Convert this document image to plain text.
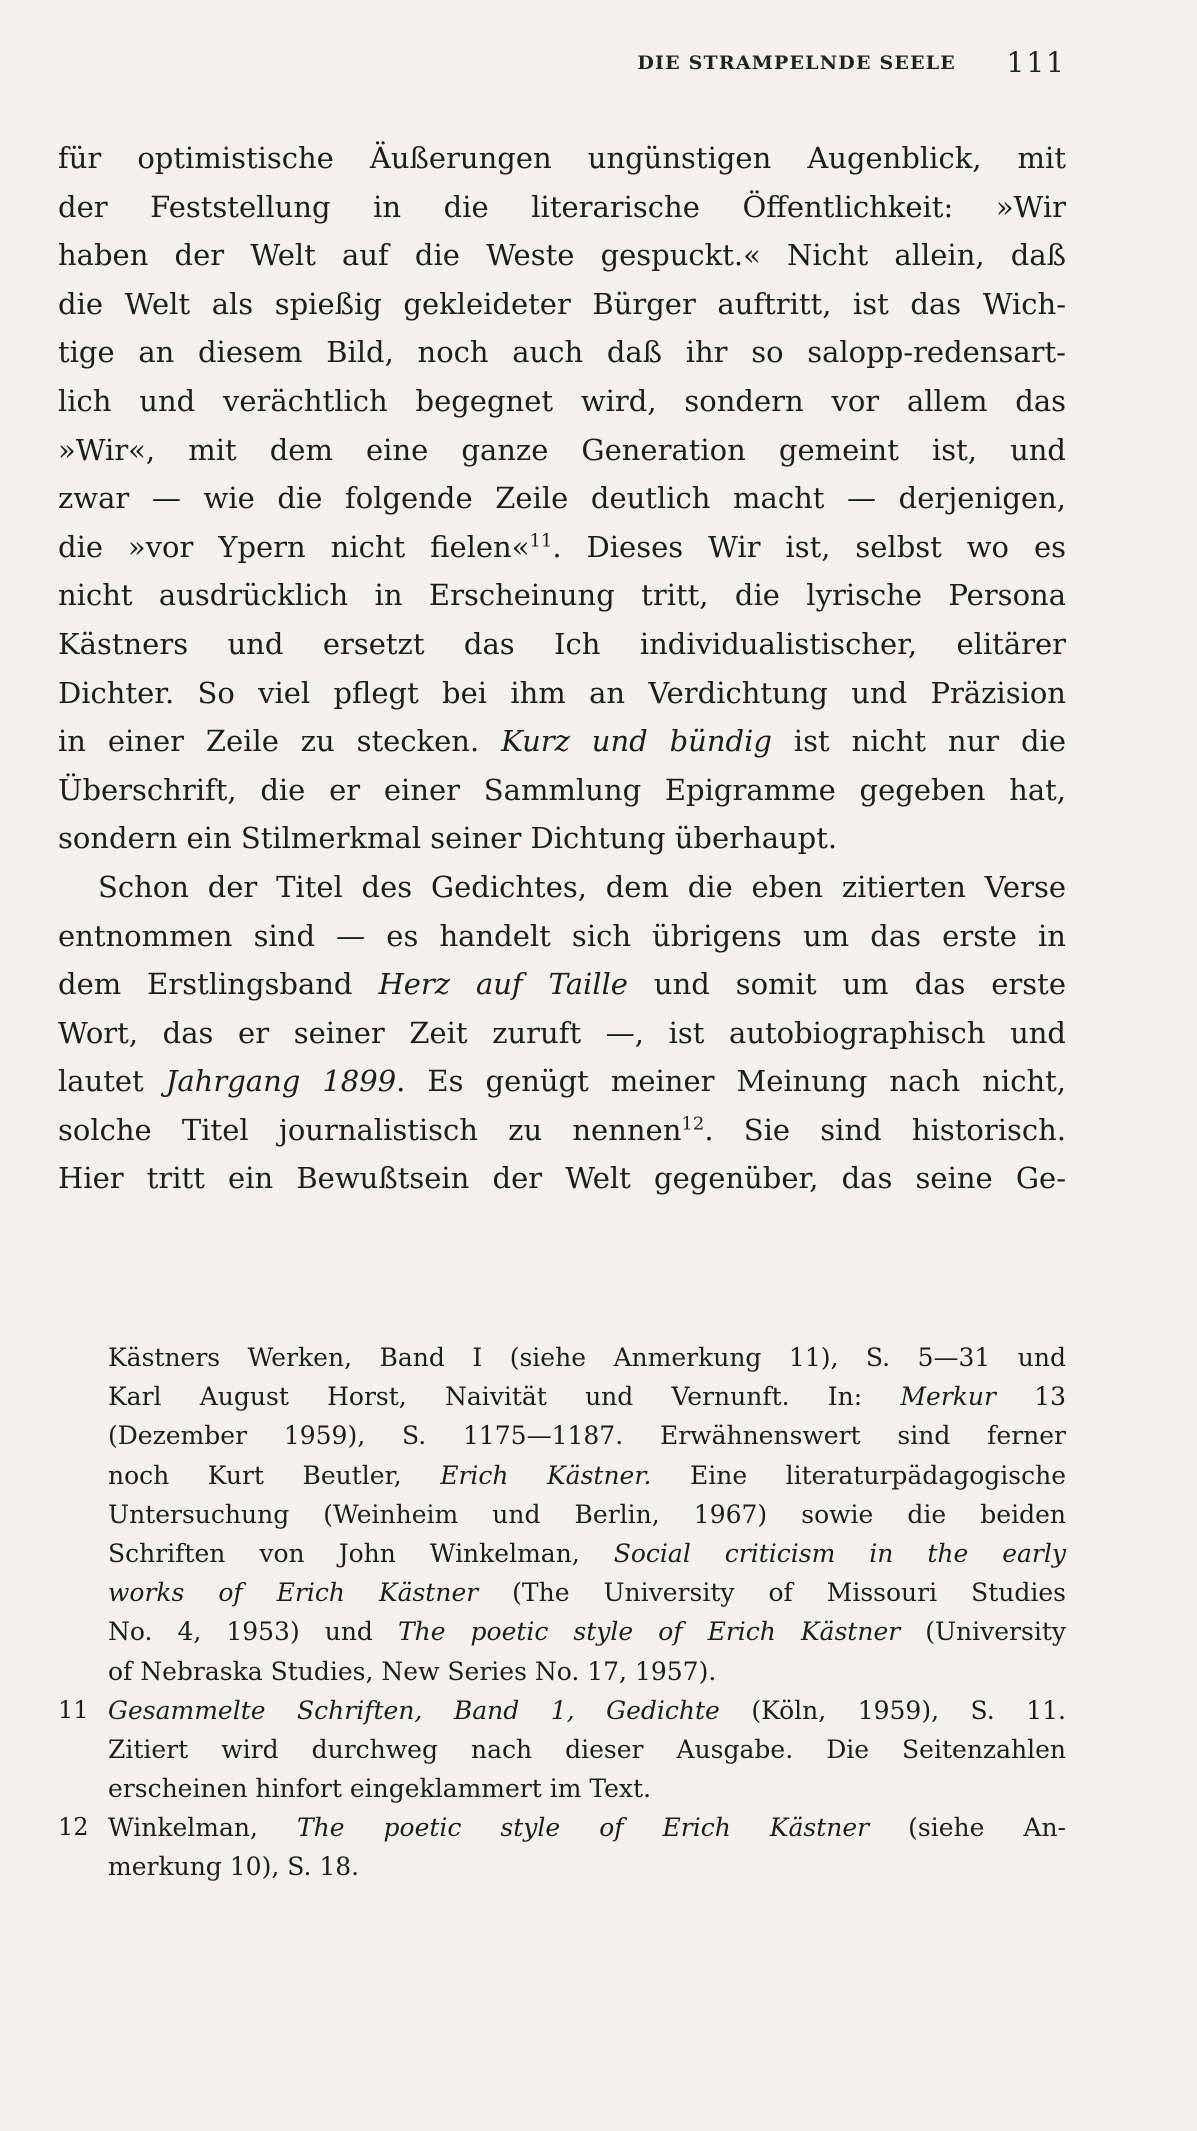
DIE STRAMPELNDE SEELE 111
für optimistische Äußerungen ungünstigen Augenblick, mit
der Feststellung in die literarische Öffentlichkeit: »Wir
haben der Welt auf die Weste gespuckt.« Nicht allein, daß
die Welt als spießig gekleideter Bürger auftritt, ist das Wich-
tige an diesem Bild, noch auch daß ihr so salopp-redensart-
lich und verächtlich begegnet wird, sondern vor allem das
»Wir«, mit dem eine ganze Generation gemeint ist, und
zwar — wie die folgende Zeile deutlich macht — derjenigen,
die »vor Ypern nicht fielen«$^{11}$. Dieses Wir ist, selbst wo es
nicht ausdrücklich in Erscheinung tritt, die lyrische Persona
Kästners und ersetzt das Ich individualistischer, elitärer
Dichter. So viel pflegt bei ihm an Verdichtung und Präzision
in einer Zeile zu stecken. Kurz und bündig ist nicht nur die
Überschrift, die er einer Sammlung Epigramme gegeben hat,
sondern ein Stilmerkmal seiner Dichtung überhaupt.
Schon der Titel des Gedichtes, dem die eben zitierten Verse
entnommen sind — es handelt sich übrigens um das erste in
dem Erstlingsband Herz auf Taille und somit um das erste
Wort, das er seiner Zeit zuruft —, ist autobiographisch und
lautet Jahrgang 1899. Es genügt meiner Meinung nach nicht,
solche Titel journalistisch zu nennen$^{12}$. Sie sind historisch.
Hier tritt ein Bewußtsein der Welt gegenüber, das seine Ge-
Kästners Werken, Band I (siehe Anmerkung 11), S. 5—31 und
Karl August Horst, Naivität und Vernunft. In: Merkur 13
(Dezember 1959), S. 1175—1187. Erwähnenswert sind ferner
noch Kurt Beutler, Erich Kästner. Eine literaturpädagogische
Untersuchung (Weinheim und Berlin, 1967) sowie die beiden
Schriften von John Winkelman, Social criticism in the early
works of Erich Kästner (The University of Missouri Studies
No. 4, 1953) und The poetic style of Erich Kästner (University
of Nebraska Studies, New Series No. 17, 1957).
11 Gesammelte Schriften, Band 1, Gedichte (Köln, 1959), S. 11.
Zitiert wird durchweg nach dieser Ausgabe. Die Seitenzahlen
erscheinen hinfort eingeklammert im Text.
12 Winkelman, The poetic style of Erich Kästner (siehe An-
merkung 10), S. 18.
